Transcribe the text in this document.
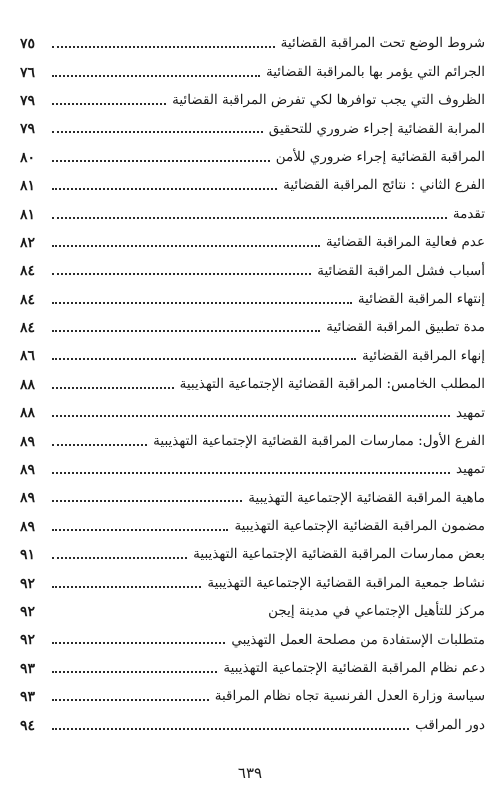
شروط الوضع تحت المراقبة القضائية
٧٥
الجرائم التي يؤمر بها بالمراقبة القضائية
٧٦
الظروف التي يجب توافرها لكي تفرض المراقبة القضائية
٧٩
المرابة القضائية إجراء ضروري للتحقيق
٧٩
المراقبة القضائية إجراء ضروري للأمن
٨٠
الفرع الثاني : نتائج المراقبة القضائية
٨١
تقدمة
٨١
عدم فعالية المراقبة القضائية
٨٢
أسباب فشل المراقبة القضائية
٨٤
إنتهاء المراقبة القضائية
٨٤
مدة تطبيق المراقبة القضائية
٨٤
إنهاء المراقبة القضائية
٨٦
المطلب الخامس: المراقبة القضائية الإجتماعية التهذيبية
٨٨
تمهيد
٨٨
الفرع الأول: ممارسات المراقبة القضائية الإجتماعية التهذيبية
٨٩
تمهيد
٨٩
ماهية المراقبة القضائية الإجتماعية التهذيبية
٨٩
مضمون المراقبة القضائية الإجتماعية التهذيبية
٨٩
بعض ممارسات المراقبة القضائية الإجتماعية التهذيبية
٩١
نشاط جمعية المراقبة القضائية الإجتماعية التهذيبية
٩٢
مركز للتأهيل الإجتماعي في مدينة إيجن
٩٢
متطلبات الإستفادة من مصلحة العمل التهذيبي
٩٢
دعم نظام المراقبة القضائية الإجتماعية التهذيبية
٩٣
سياسة وزارة العدل الفرنسية تجاه نظام المراقبة
٩٣
دور المراقب
٩٤
٦٣٩
